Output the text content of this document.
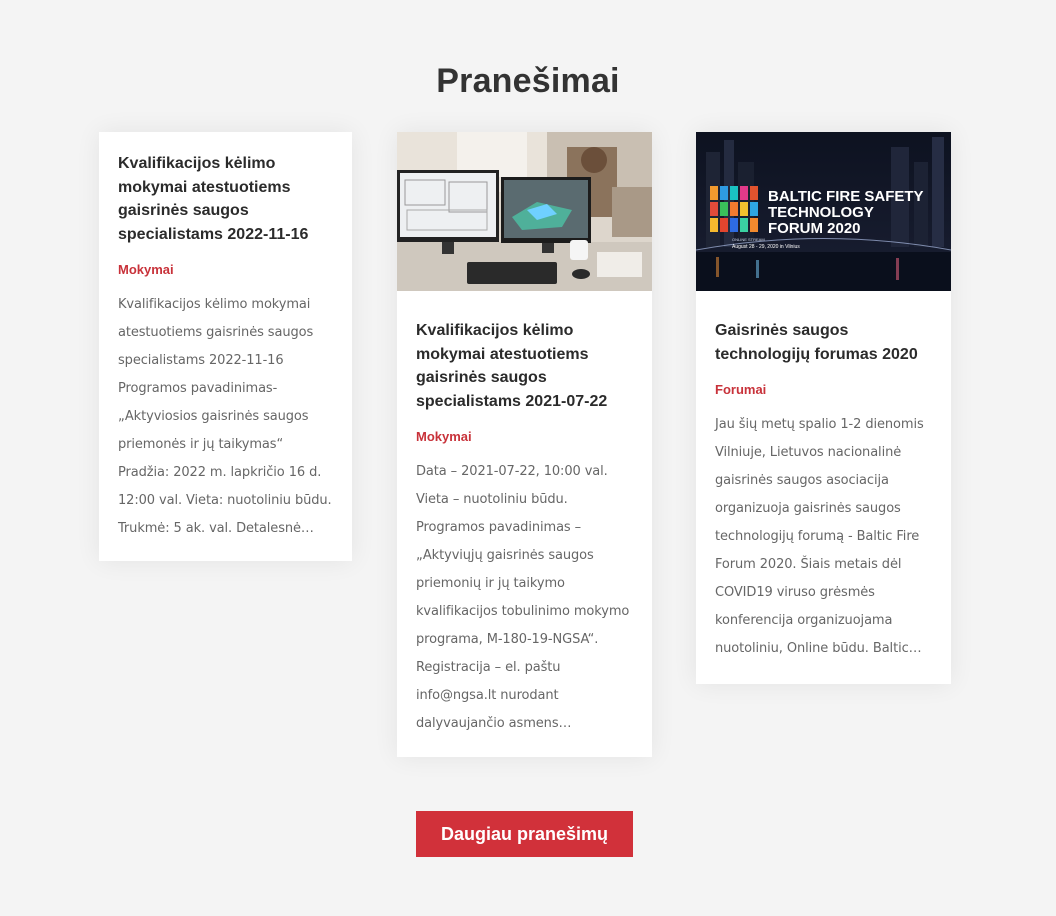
Pranešimai
Kvalifikacijos kėlimo mokymai atestuotiems gaisrinės saugos specialistams 2022-11-16
Mokymai
Kvalifikacijos kėlimo mokymai atestuotiems gaisrinės saugos specialistams 2022-11-16 Programos pavadinimas- „Aktyviosios gaisrinės saugos priemonės ir jų taikymas“ Pradžia: 2022 m. lapkričio 16 d. 12:00 val. Vieta: nuotoliniu būdu. Trukmė: 5 ak. val. Detalesnė…
Kvalifikacijos kėlimo mokymai atestuotiems gaisrinės saugos specialistams 2021-07-22
Mokymai
Data – 2021-07-22, 10:00 val. Vieta – nuotoliniu būdu. Programos pavadinimas – „Aktyviųjų gaisrinės saugos priemonių ir jų taikymo kvalifikacijos tobulinimo mokymo programa, M-180-19-NGSA“. Registracija – el. paštu info@ngsa.lt nurodant dalyvaujančio asmens…
BALTIC FIRE SAFETY
TECHNOLOGY
FORUM 2020
ONLINE STREAM
August 28 - 29, 2020 in Vilnius
Gaisrinės saugos technologijų forumas 2020
Forumai
Jau šių metų spalio 1-2 dienomis Vilniuje, Lietuvos nacionalinė gaisrinės saugos asociacija organizuoja gaisrinės saugos technologijų forumą - Baltic Fire Forum 2020. Šiais metais dėl COVID19 viruso grėsmės konferencija organizuojama nuotoliniu, Online būdu. Baltic…
Daugiau pranešimų
